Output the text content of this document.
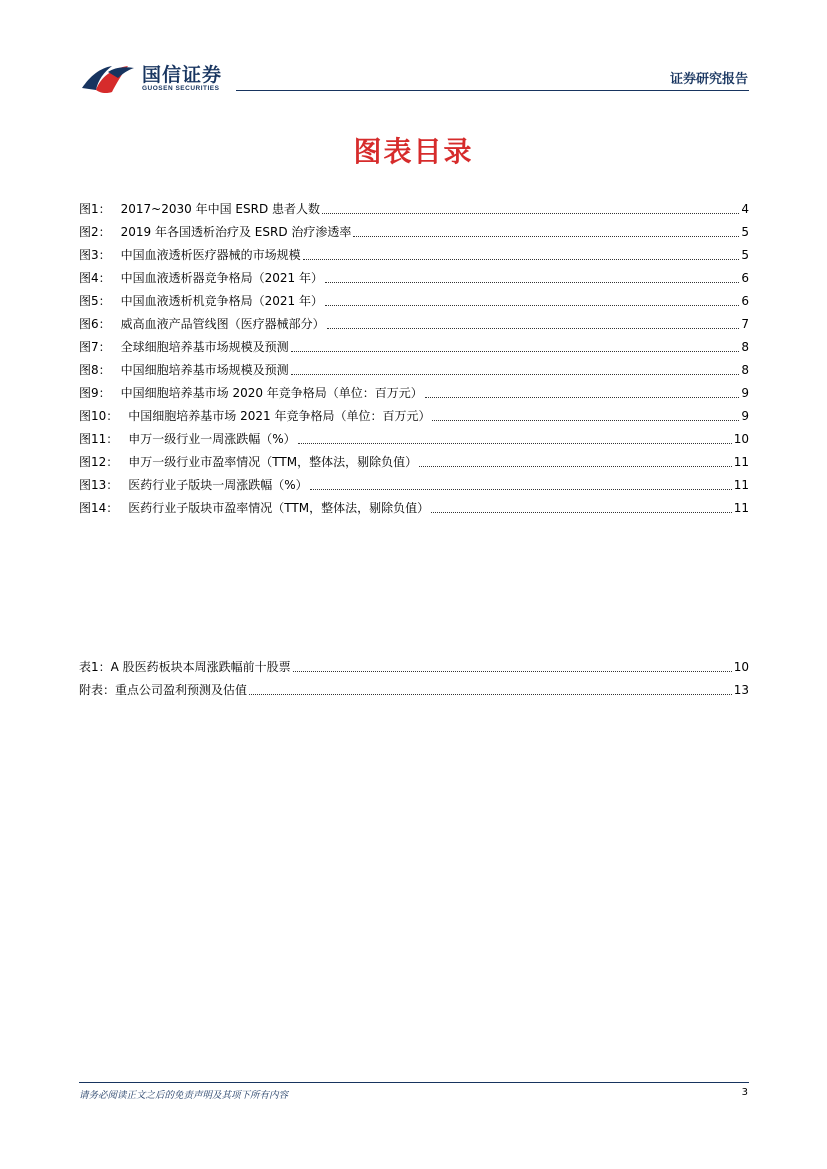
国信证券
GUOSEN SECURITIES
证券研究报告
图表目录
图1： 2017~2030 年中国 ESRD 患者人数	4
图2： 2019 年各国透析治疗及 ESRD 治疗渗透率	5
图3： 中国血液透析医疗器械的市场规模	5
图4： 中国血液透析器竞争格局（2021 年）	6
图5： 中国血液透析机竞争格局（2021 年）	6
图6： 威高血液产品管线图（医疗器械部分）	7
图7： 全球细胞培养基市场规模及预测	8
图8： 中国细胞培养基市场规模及预测	8
图9： 中国细胞培养基市场 2020 年竞争格局（单位：百万元）	9
图10： 中国细胞培养基市场 2021 年竞争格局（单位：百万元）	9
图11： 申万一级行业一周涨跌幅（%）	10
图12： 申万一级行业市盈率情况（TTM，整体法，剔除负值）	11
图13： 医药行业子版块一周涨跌幅（%）	11
图14： 医药行业子版块市盈率情况（TTM，整体法，剔除负值）	11
表1： A 股医药板块本周涨跌幅前十股票	10
附表： 重点公司盈利预测及估值	13
请务必阅读正文之后的免责声明及其项下所有内容	3
